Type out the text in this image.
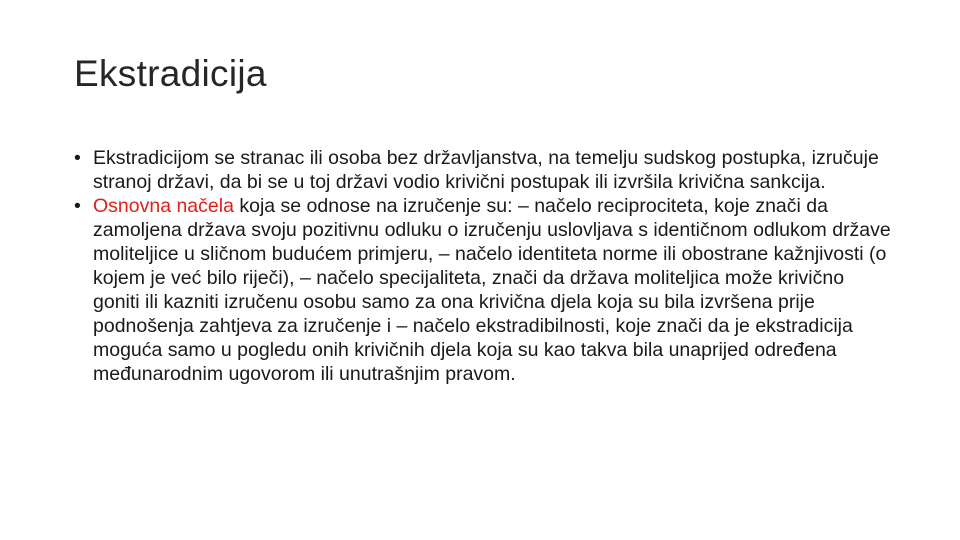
Ekstradicija
• Ekstradicijom se stranac ili osoba bez državljanstva, na temelju sudskog postupka, izručuje stranoj državi, da bi se u toj državi vodio krivični postupak ili izvršila krivična sankcija.
• Osnovna načela koja se odnose na izručenje su: – načelo reciprociteta, koje znači da zamoljena država svoju pozitivnu odluku o izručenju uslovljava s identičnom odlukom države moliteljice u sličnom budućem primjeru, – načelo identiteta norme ili obostrane kažnjivosti (o kojem je već bilo riječi), – načelo specijaliteta, znači da država moliteljica može krivično goniti ili kazniti izručenu osobu samo za ona krivična djela koja su bila izvršena prije podnošenja zahtjeva za izručenje i – načelo ekstradibilnosti, koje znači da je ekstradicija moguća samo u pogledu onih krivičnih djela koja su kao takva bila unaprijed određena međunarodnim ugovorom ili unutrašnjim pravom.
